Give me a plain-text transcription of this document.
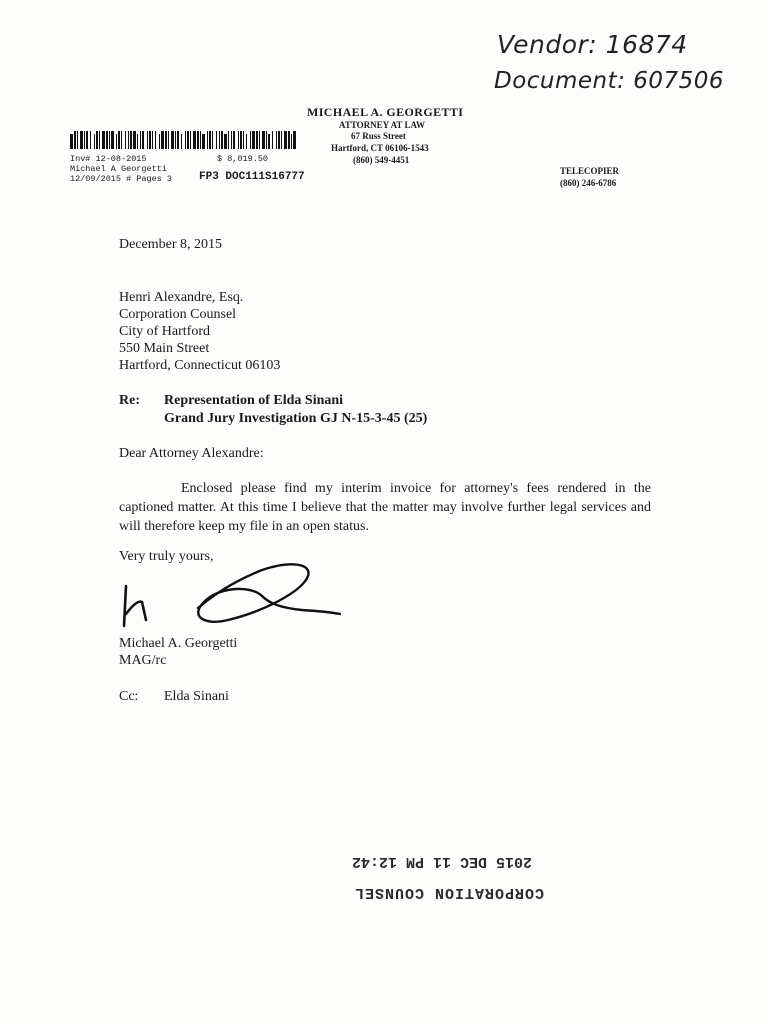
Vendor: 16874
Document: 607506
MICHAEL A. GEORGETTI
ATTORNEY AT LAW
67 Russ Street
Hartford, CT 06106-1543
(860) 549-4451
TELECOPIER
(860) 246-6786
Inv# 12-08-2015	$ 8,019.50
Michael A Georgetti
12/09/2015 # Pages 3 FP3 DOC111S16777
December 8, 2015
Henri Alexandre, Esq.
Corporation Counsel
City of Hartford
550 Main Street
Hartford, Connecticut 06103
Re: Representation of Elda Sinani
Grand Jury Investigation GJ N-15-3-45 (25)
Dear Attorney Alexandre:
Enclosed please find my interim invoice for attorney's fees rendered in the captioned matter. At this time I believe that the matter may involve further legal services and will therefore keep my file in an open status.
Very truly yours,
Michael A. Georgetti
MAG/rc
Cc: Elda Sinani
2015 DEC 11 PM 12:42
CORPORATION COUNSEL
